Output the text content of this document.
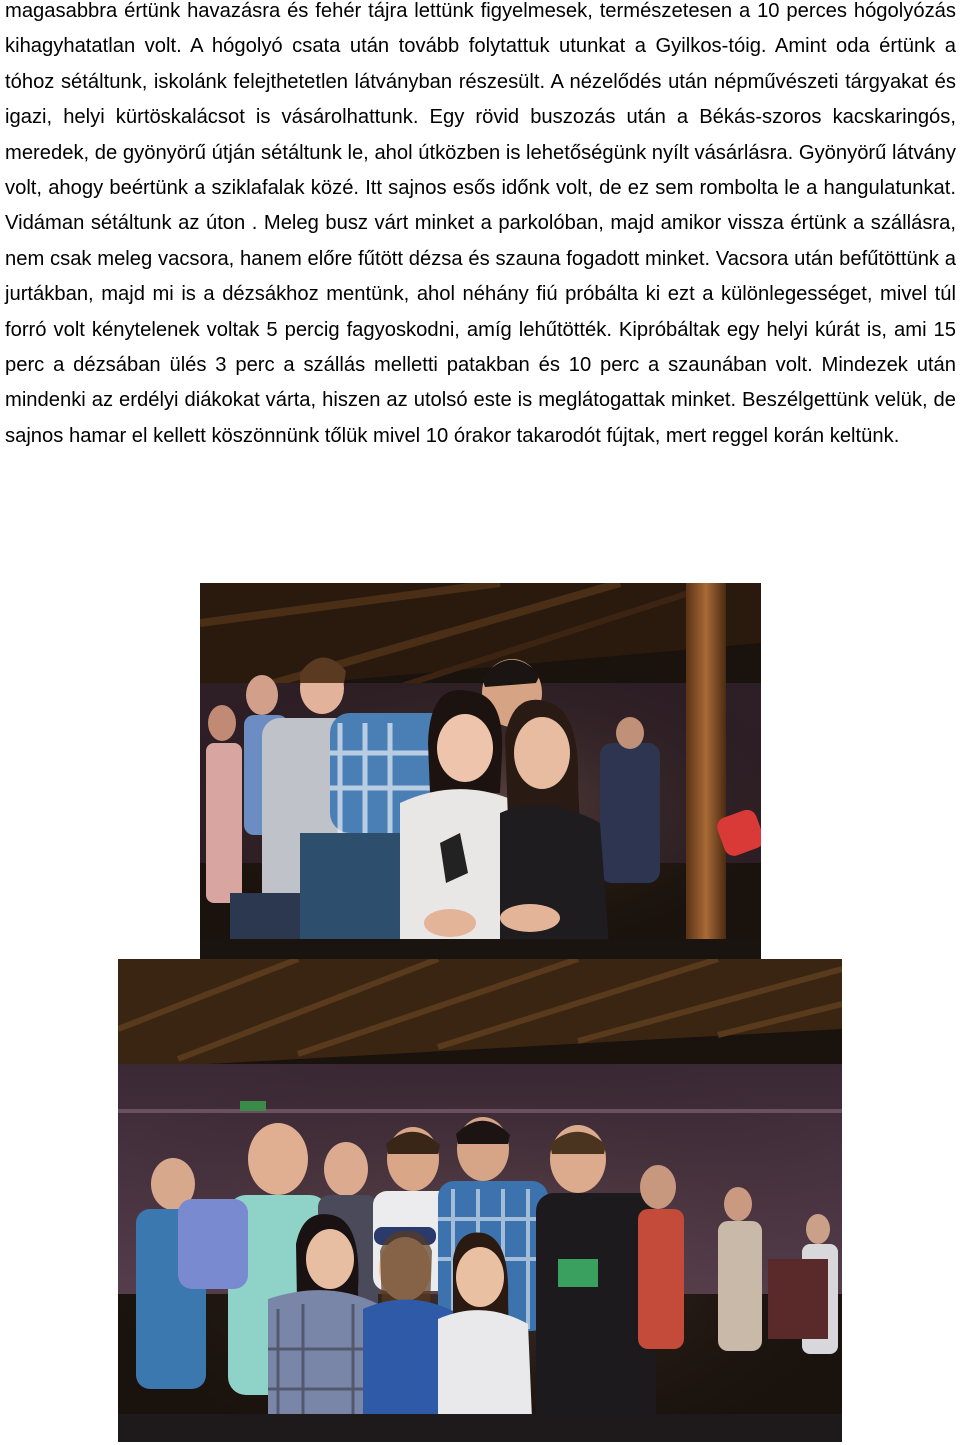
magasabbra értünk havazásra és fehér tájra lettünk figyelmesek, természetesen a 10 perces hógolyózás kihagyhatatlan volt. A hógolyó csata után tovább folytattuk utunkat a Gyilkos-tóig. Amint oda értünk a tóhoz sétáltunk, iskolánk felejthetetlen látványban részesült. A nézelődés után népművészeti tárgyakat és igazi, helyi kürtöskalácsot is vásárolhattunk. Egy rövid buszozás után a Békás-szoros kacskaringós, meredek, de gyönyörű útján sétáltunk le, ahol útközben is lehetőségünk nyílt vásárlásra. Gyönyörű látvány volt, ahogy beértünk a sziklafalak közé. Itt sajnos esős időnk volt, de ez sem rombolta le a hangulatunkat. Vidáman sétáltunk az úton . Meleg busz várt minket a parkolóban, majd amikor vissza értünk a szállásra, nem csak meleg vacsora, hanem előre fűtött dézsa és szauna fogadott minket. Vacsora után befűtöttünk a jurtákban, majd mi is a dézsákhoz mentünk, ahol néhány fiú próbálta ki ezt a különlegességet, mivel túl forró volt kénytelenek voltak 5 percig fagyoskodni, amíg lehűtötték. Kipróbáltak egy helyi kúrát is, ami 15 perc a dézsában ülés 3 perc a szállás melletti patakban és 10 perc a szaunában volt. Mindezek után mindenki az erdélyi diákokat várta, hiszen az utolsó este is meglátogattak minket. Beszélgettünk velük, de sajnos hamar el kellett köszönnünk tőlük mivel 10 órakor takarodót fújtak, mert reggel korán keltünk.
